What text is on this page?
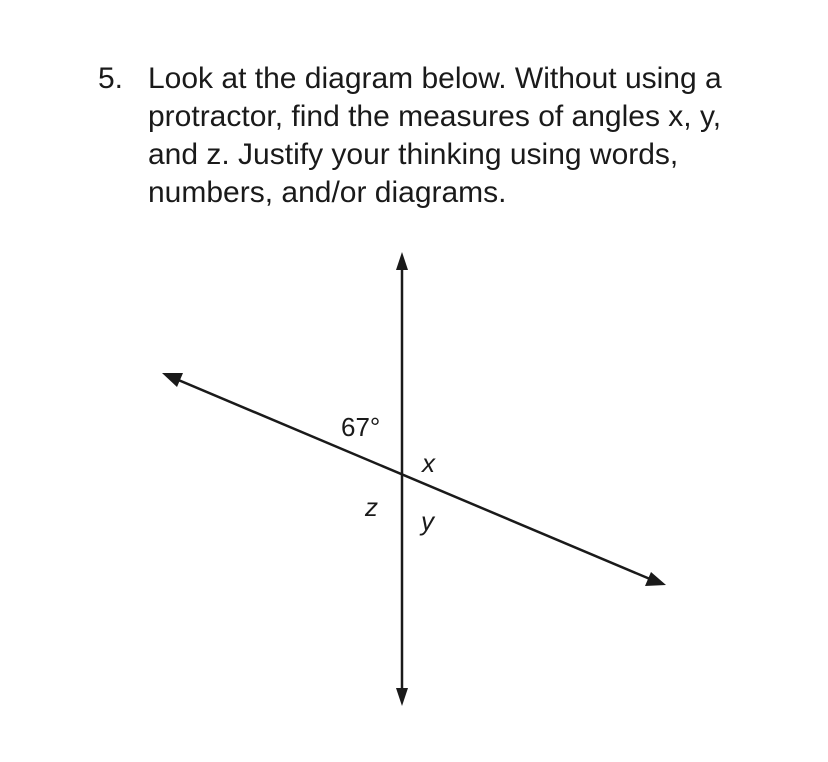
5. Look at the diagram below. Without using a
protractor, find the measures of angles x, y,
and z. Justify your thinking using words,
numbers, and/or diagrams.
67°
x
z y
